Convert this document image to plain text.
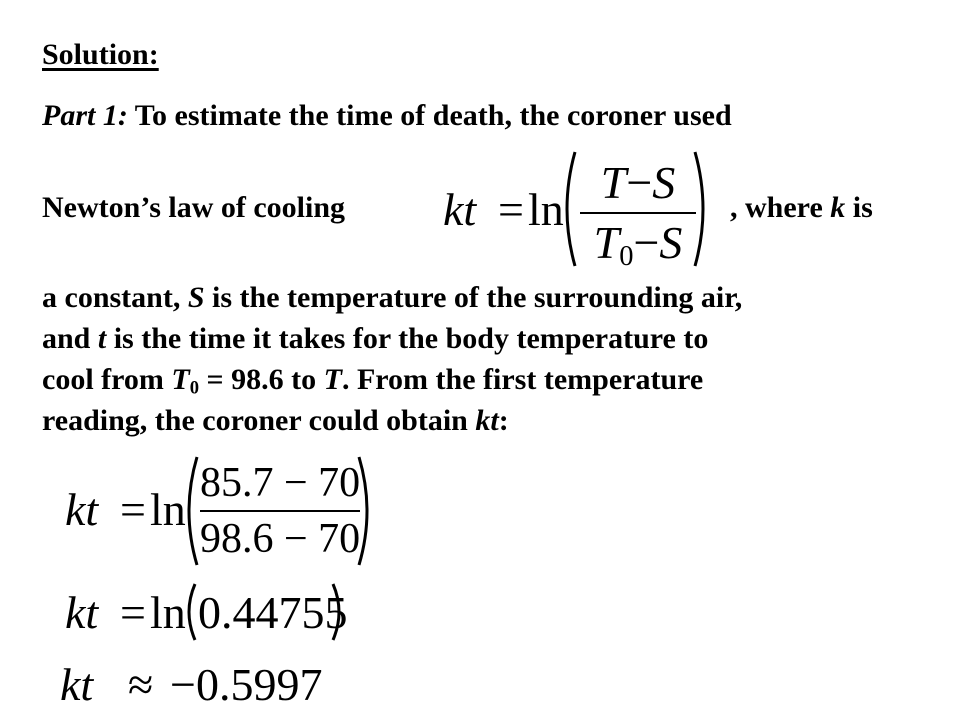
Solution:
Part 1: To estimate the time of death, the coroner used
Newton’s law of cooling	, where k is
a constant, S is the temperature of the surrounding air,
and t is the time it takes for the body temperature to
cool from $T_0 = 98.6$ to T. From the first temperature
reading, the coroner could obtain kt:
kt = ln
T−S
$T_0-S$
kt = ln
85.7 − 70
98.6 − 70
kt = ln 0.44755
kt ≈ −0.5997
